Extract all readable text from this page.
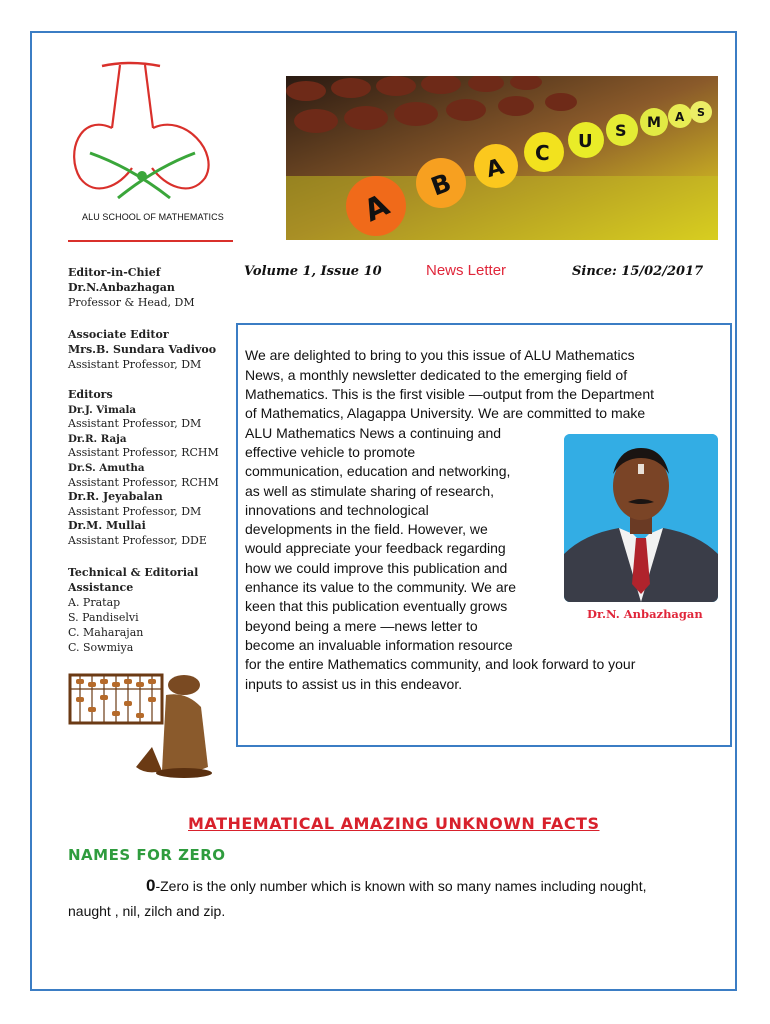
ALU SCHOOL OF MATHEMATICS	A
B A
C U
S M A S
Editor-in-Chief
Dr.N.Anbazhagan
Professor & Head, DM
Associate Editor
Mrs.B. Sundara Vadivoo
Assistant Professor, DM
Editors
Dr.J. Vimala
Assistant Professor, DM
Dr.R. Raja
Assistant Professor, RCHM
Dr.S. Amutha
Assistant Professor, RCHM
Dr.R. Jeyabalan
Assistant Professor, DM
Dr.M. Mullai
Assistant Professor, DDE
Technical & Editorial
Assistance
A. Pratap
S. Pandiselvi
C. Maharajan
C. Sowmiya
Volume 1, Issue 10	News Letter	Since: 15/02/2017
We are delighted to bring to you this issue of ALU Mathematics
News, a monthly newsletter dedicated to the emerging field of
Mathematics. This is the first visible —output from the Department
of Mathematics, Alagappa University. We are committed to make
ALU Mathematics News a continuing and
effective vehicle to promote
communication, education and networking,
as well as stimulate sharing of research,
innovations and technological
developments in the field. However, we
would appreciate your feedback regarding
how we could improve this publication and
enhance its value to the community. We are
keen that this publication eventually grows
beyond being a mere —news letter to
become an invaluable information resource
for the entire Mathematics community, and look forward to your
inputs to assist us in this endeavor.
Dr.N. Anbazhagan
MATHEMATICAL AMAZING UNKNOWN FACTS
NAMES FOR ZERO
0-Zero is the only number which is known with so many names including nought,
naught , nil, zilch and zip.
